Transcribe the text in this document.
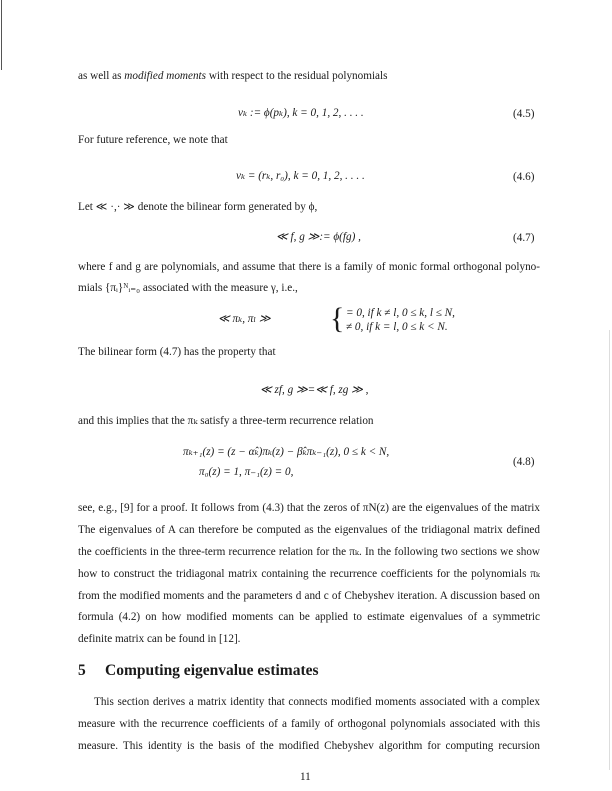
as well as modified moments with respect to the residual polynomials
νₖ := ϕ(pₖ), k = 0, 1, 2, . . . .	(4.5)
For future reference, we note that
νₖ = (rₖ, r₀), k = 0, 1, 2, . . . .	(4.6)
Let ≪ ·,· ≫ denote the bilinear form generated by ϕ,
≪ f, g ≫:= ϕ(fg) ,	(4.7)
where f and g are polynomials, and assume that there is a family of monic formal orthogonal polyno-
mials {πᵢ}ᴺᵢ₌₀ associated with the measure γ, i.e.,
≪ πₖ, πₗ ≫ { = 0, if k ≠ l, 0 ≤ k, l ≤ N,
≠ 0, if k = l, 0 ≤ k < N.
The bilinear form (4.7) has the property that
≪ zf, g ≫=≪ f, zg ≫ ,
and this implies that the πₖ satisfy a three-term recurrence relation
πₖ₊₁(z) = (z − α̂ₖ)πₖ(z) − β̂ₖπₖ₋₁(z), 0 ≤ k < N,
(4.8)
π₀(z) = 1, π₋₁(z) = 0,
see, e.g., [9] for a proof. It follows from (4.3) that the zeros of πN(z) are the eigenvalues of the matrix
The eigenvalues of A can therefore be computed as the eigenvalues of the tridiagonal matrix defined
the coefficients in the three-term recurrence relation for the πₖ. In the following two sections we show
how to construct the tridiagonal matrix containing the recurrence coefficients for the polynomials πₖ
from the modified moments and the parameters d and c of Chebyshev iteration. A discussion based on
formula (4.2) on how modified moments can be applied to estimate eigenvalues of a symmetric
definite matrix can be found in [12].
5 Computing eigenvalue estimates
This section derives a matrix identity that connects modified moments associated with a complex
measure with the recurrence coefficients of a family of orthogonal polynomials associated with this
measure. This identity is the basis of the modified Chebyshev algorithm for computing recursion
11
